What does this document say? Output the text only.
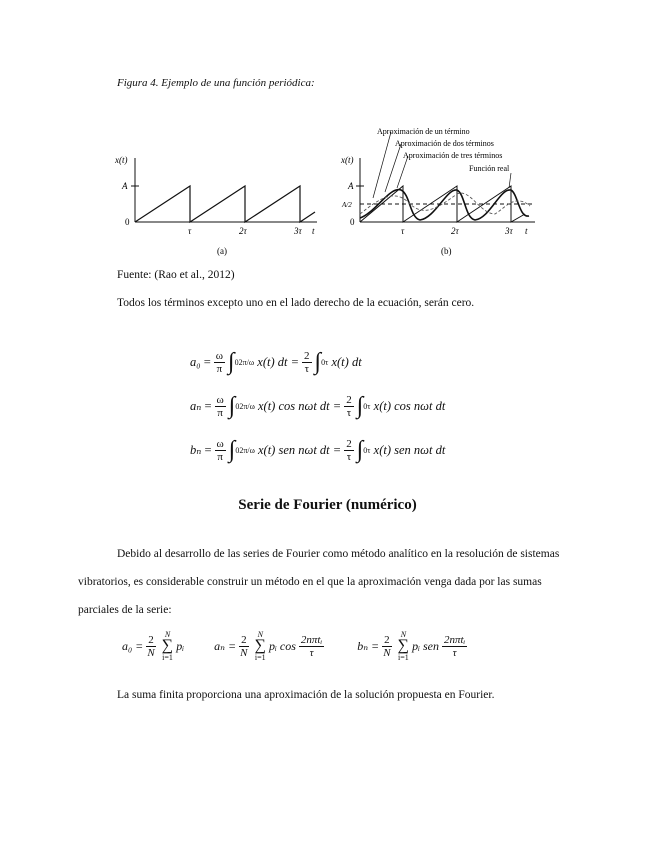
Figura 4. Ejemplo de una función periódica:
x(t)
A
0
τ	2τ	3τ t
(a)
x(t)
A
A/2
0
τ	2τ	3τ t
(b)
Aproximación de un término
Aproximación de dos términos
Aproximación de tres términos
Función real
Fuente: (Rao et al., 2012)
Todos los términos excepto uno en el lado derecho de la ecuación, serán cero.
$a_0 = \frac{\omega}{\pi}$ ∫ 0 2π/ω
x(t) dt = $\frac{2}{\tau}$ ∫ 0 τ
x(t) dt
$a_n = \frac{\omega}{\pi}$ ∫ 0 2π/ω
x(t) cos nωt dt = $\frac{2}{\tau}$ ∫ 0 τ
x(t) cos nωt dt
$b_n = \frac{\omega}{\pi}$ ∫ 0 2π/ω
x(t) sen nωt dt = $\frac{2}{\tau}$ ∫ 0 τ
x(t) sen nωt dt
Serie de Fourier (numérico)
Debido al desarrollo de las series de Fourier como método analítico en la resolución de sistemas
vibratorios, es considerable construir un método en el que la aproximación venga dada por las sumas
parciales de la serie:
$a_0 = \frac{2}{N}$ N
∑
i=1
pᵢ	$a_n = \frac{2}{N}$ N
∑
i=1
pᵢ $\cos \frac{\text{2nπtᵢ}}{\tau}$	$b_n = \frac{2}{N}$ N
∑
i=1
pᵢ sen $\frac{\text{2nπtᵢ}}{\tau}$
La suma finita proporciona una aproximación de la solución propuesta en Fourier.
